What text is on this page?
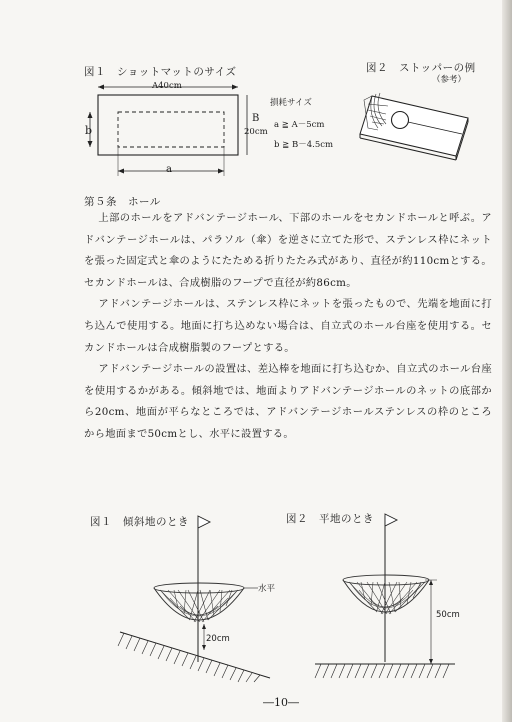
図１　ショットマットのサイズ
A40cm
b
B
20cm
a
損耗サイズ
a ≧ A－5cm
b ≧ B－4.5cm
図２　ストッパーの例
（参考）
第５条　ホール

上部のホールをアドバンテージホール、下部のホールをセカンドホールと呼ぶ。アドバンテージホールは、パラソル（傘）を逆さに立てた形で、ステンレス枠にネットを張った固定式と傘のようにたためる折りたたみ式があり、直径が約110cmとする。セカンドホールは、合成樹脂のフープで直径が約86cm。

アドバンテージホールは、ステンレス枠にネットを張ったもので、先端を地面に打ち込んで使用する。地面に打ち込めない場合は、自立式のホール台座を使用する。セカンドホールは合成樹脂製のフープとする。

アドバンテージホールの設置は、差込棒を地面に打ち込むか、自立式のホール台座を使用するかがある。傾斜地では、地面よりアドバンテージホールのネットの底部から20cm、地面が平らなところでは、アドバンテージホールステンレスの枠のところから地面まで50cmとし、水平に設置する。

図１　傾斜地のとき
水平
20cm
図２　平地のとき
50cm
―10―
